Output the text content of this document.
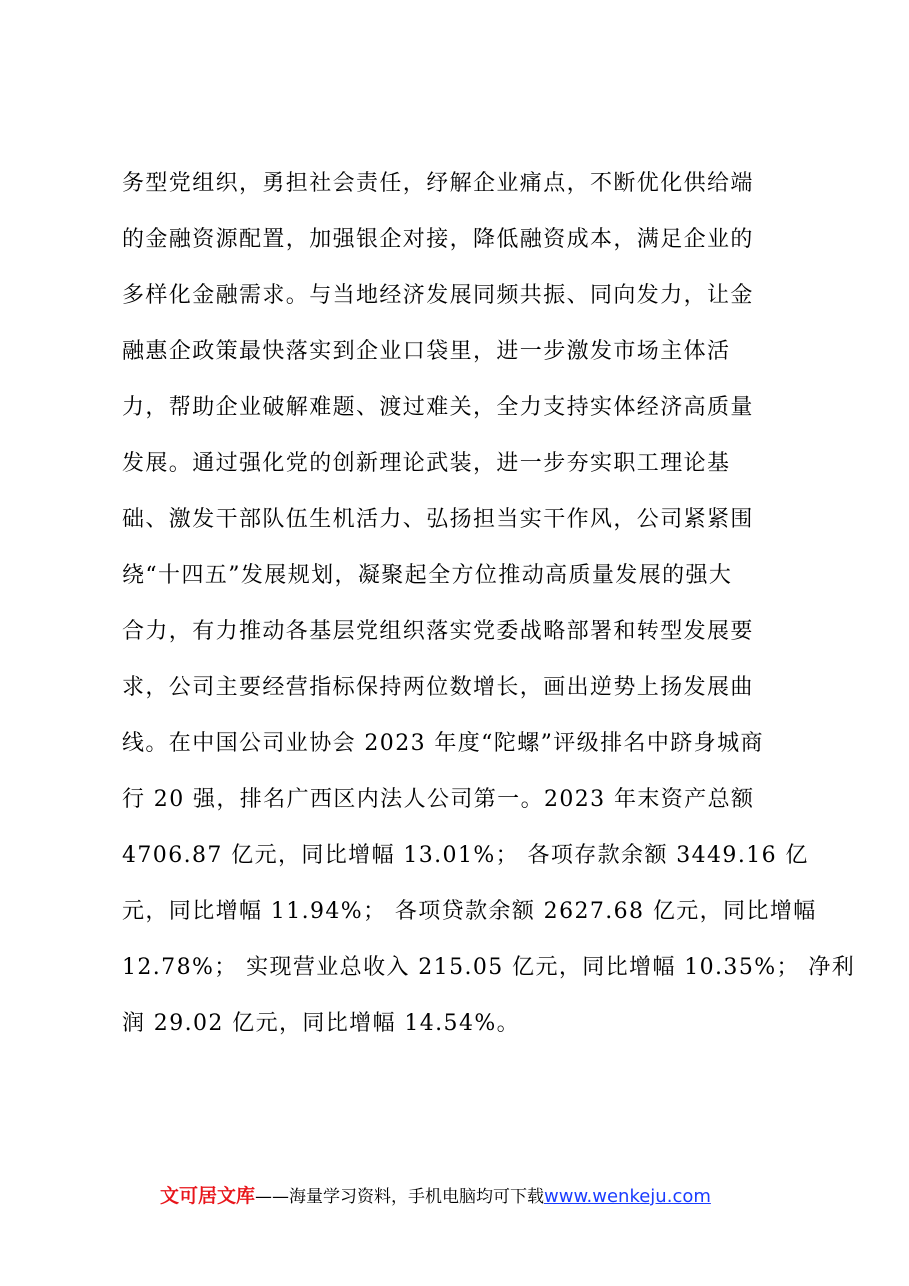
务型党组织，勇担社会责任，纾解企业痛点，不断优化供给端
的金融资源配置，加强银企对接，降低融资成本，满足企业的
多样化金融需求。与当地经济发展同频共振、同向发力，让金
融惠企政策最快落实到企业口袋里，进一步激发市场主体活
力，帮助企业破解难题、渡过难关，全力支持实体经济高质量
发展。通过强化党的创新理论武装，进一步夯实职工理论基
础、激发干部队伍生机活力、弘扬担当实干作风，公司紧紧围
绕“十四五”发展规划，凝聚起全方位推动高质量发展的强大
合力，有力推动各基层党组织落实党委战略部署和转型发展要
求，公司主要经营指标保持两位数增长，画出逆势上扬发展曲
线。在中国公司业协会 2023 年度“陀螺”评级排名中跻身城商
行 20 强，排名广西区内法人公司第一。2023 年末资产总额
4706.87 亿元，同比增幅 13.01%； 各项存款余额 3449.16 亿
元，同比增幅 11.94%； 各项贷款余额 2627.68 亿元，同比增幅
12.78%； 实现营业总收入 215.05 亿元，同比增幅 10.35%； 净利
润 29.02 亿元，同比增幅 14.54%。
文可居文库——海量学习资料，手机电脑均可下载www.wenkeju.com
